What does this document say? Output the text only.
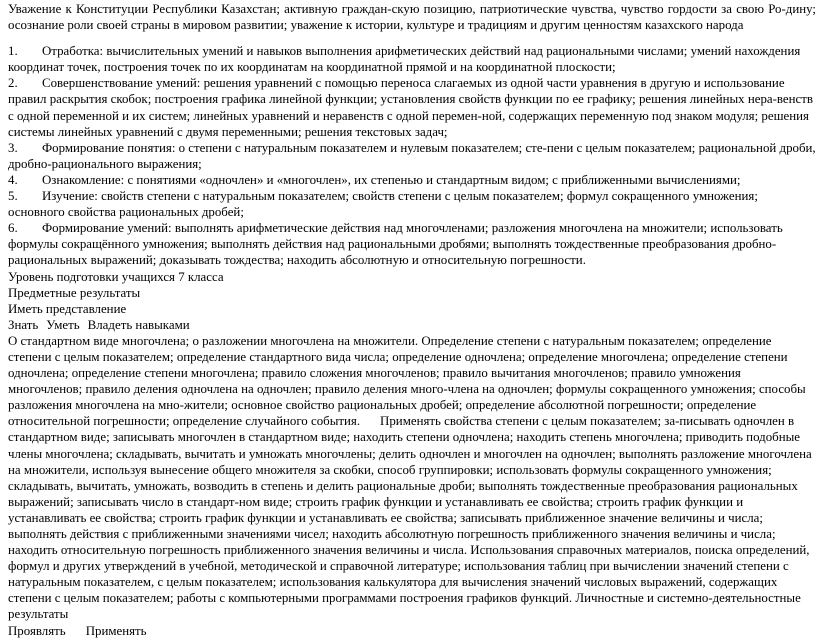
Уважение к Конституции Республики Казахстан; активную граждан-скую позицию, патриотические чувства, чувство гордости за свою Ро-дину; осознание роли своей страны в мировом развитии; уважение к истории, культуре и традициям и другим ценностям казахского народа

1. Отработка: вычислительных умений и навыков выполнения арифметических действий над рациональными числами; умений нахождения координат точек, построения точек по их координатам на координатной прямой и на координатной плоскости;

2. Совершенствование умений: решения уравнений с помощью переноса слагаемых из одной части уравнения в другую и использование правил раскрытия скобок; построения графика линейной функции; установления свойств функции по ее графику; решения линейных нера-венств с одной переменной и их систем; линейных уравнений и неравенств с одной перемен-ной, содержащих переменную под знаком модуля; решения системы линейных уравнений с двумя переменными; решения текстовых задач;

3. Формирование понятия: о степени с натуральным показателем и нулевым показателем; сте-пени с целым показателем; рациональной дроби, дробно-рационального выражения;

4. Ознакомление: с понятиями «одночлен» и «многочлен», их степенью и стандартным видом; с приближенными вычислениями;

5. Изучение: свойств степени с натуральным показателем; свойств степени с целым показателем; формул сокращенного умножения; основного свойства рациональных дробей;

6. Формирование умений: выполнять арифметические действия над многочленами; разложения многочлена на множители; использовать формулы сокращённого умножения; выполнять действия над рациональными дробями; выполнять тождественные преобразования дробно-рациональных выражений; доказывать тождества; находить абсолютную и относительную погрешности.

Уровень подготовки учащихся 7 класса

Предметные результаты

Иметь представление

Знать Уметь Владеть навыками

О стандартном виде многочлена; о разложении многочлена на множители. Определение степени с натуральным показателем; определение степени с целым показателем; определение стандартного вида числа; определение одночлена; определение многочлена; определение степени одночлена; определение степени многочлена; правило сложения многочленов; правило вычитания многочленов; правило умножения многочленов; правило деления одночлена на одночлен; правило деления много-члена на одночлен; формулы сокращенного умножения; способы разложения многочлена на мно-жители; основное свойство рациональных дробей; определение абсолютной погрешности; определение относительной погрешности; определение случайного события. Применять свойства степени с целым показателем; за-писывать одночлен в стандартном виде; записывать многочлен в стандартном виде; находить степени одночлена; находить степень многочлена; приводить подобные члены многочлена; складывать, вычитать и умножать многочлены; делить одночлен и многочлен на одночлен; выполнять разложение многочлена на множители, используя вынесение общего множителя за скобки, способ группировки; использовать формулы сокращенного умножения; складывать, вычитать, умножать, возводить в степень и делить рациональные дроби; выполнять тождественные преобразования рациональных выражений; записывать число в стандарт-ном виде; строить график функции и устанавливать ее свойства; строить график функции и устанавливать ее свойства; строить график функции и устанавливать ее свойства; записывать приближенное значение величины и числа; выполнять действия с приближенными значениями чисел; находить абсолютную погрешность приближенного значения величины и числа; находить относительную погрешность приближенного значения величины и числа. Использования справочных материалов, поиска определений, формул и других утверждений в учебной, методической и справочной литературе; использования таблиц при вычислении значений степени с натуральным показателем, с целым показателем; использования калькулятора для вычисления значений числовых выражений, содержащих степени с целым показателем; работы с компьютерными программами построения графиков функций. Личностные и системно-деятельностные результаты

Проявлять Применять
